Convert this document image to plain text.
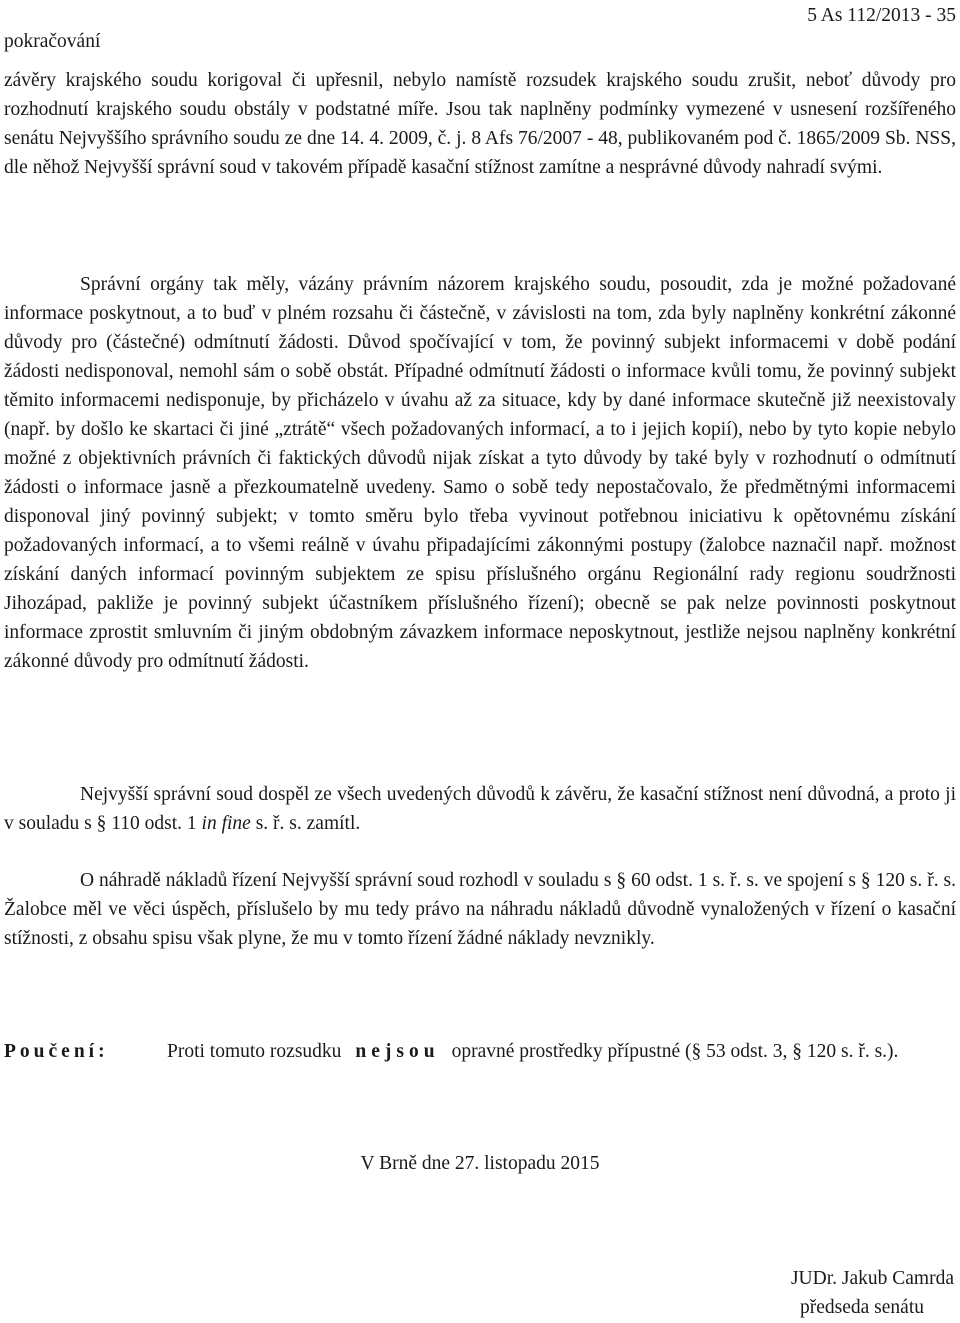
pokračování
5 As 112/2013 - 35

závěry krajského soudu korigoval či upřesnil, nebylo namístě rozsudek krajského soudu zrušit, neboť důvody pro rozhodnutí krajského soudu obstály v podstatné míře. Jsou tak naplněny podmínky vymezené v usnesení rozšířeného senátu Nejvyššího správního soudu ze dne 14. 4. 2009, č. j. 8 Afs 76/2007 - 48, publikovaném pod č. 1865/2009 Sb. NSS, dle něhož Nejvyšší správní soud v takovém případě kasační stížnost zamítne a nesprávné důvody nahradí svými.

Správní orgány tak měly, vázány právním názorem krajského soudu, posoudit, zda je možné požadované informace poskytnout, a to buď v plném rozsahu či částečně, v závislosti na tom, zda byly naplněny konkrétní zákonné důvody pro (částečné) odmítnutí žádosti. Důvod spočívající v tom, že povinný subjekt informacemi v době podání žádosti nedisponoval, nemohl sám o sobě obstát. Případné odmítnutí žádosti o informace kvůli tomu, že povinný subjekt těmito informacemi nedisponuje, by přicházelo v úvahu až za situace, kdy by dané informace skutečně již neexistovaly (např. by došlo ke skartaci či jiné „ztrátě“ všech požadovaných informací, a to i jejich kopií), nebo by tyto kopie nebylo možné z objektivních právních či faktických důvodů nijak získat a tyto důvody by také byly v rozhodnutí o odmítnutí žádosti o informace jasně a přezkoumatelně uvedeny. Samo o sobě tedy nepostačovalo, že předmětnými informacemi disponoval jiný povinný subjekt; v tomto směru bylo třeba vyvinout potřebnou iniciativu k opětovnému získání požadovaných informací, a to všemi reálně v úvahu připadajícími zákonnými postupy (žalobce naznačil např. možnost získání daných informací povinným subjektem ze spisu příslušného orgánu Regionální rady regionu soudržnosti Jihozápad, pakliže je povinný subjekt účastníkem příslušného řízení); obecně se pak nelze povinnosti poskytnout informace zprostit smluvním či jiným obdobným závazkem informace neposkytnout, jestliže nejsou naplněny konkrétní zákonné důvody pro odmítnutí žádosti.

Nejvyšší správní soud dospěl ze všech uvedených důvodů k závěru, že kasační stížnost není důvodná, a proto ji v souladu s § 110 odst. 1 in fine s. ř. s. zamítl.

O náhradě nákladů řízení Nejvyšší správní soud rozhodl v souladu s § 60 odst. 1 s. ř. s. ve spojení s § 120 s. ř. s. Žalobce měl ve věci úspěch, příslušelo by mu tedy právo na náhradu nákladů důvodně vynaložených v řízení o kasační stížnosti, z obsahu spisu však plyne, že mu v tomto řízení žádné náklady nevznikly.

Poučení:	Proti tomuto rozsudku nejsou opravné prostředky přípustné (§ 53 odst. 3, § 120 s. ř. s.).
V Brně dne 27. listopadu 2015
JUDr. Jakub Camrda
předseda senátu
